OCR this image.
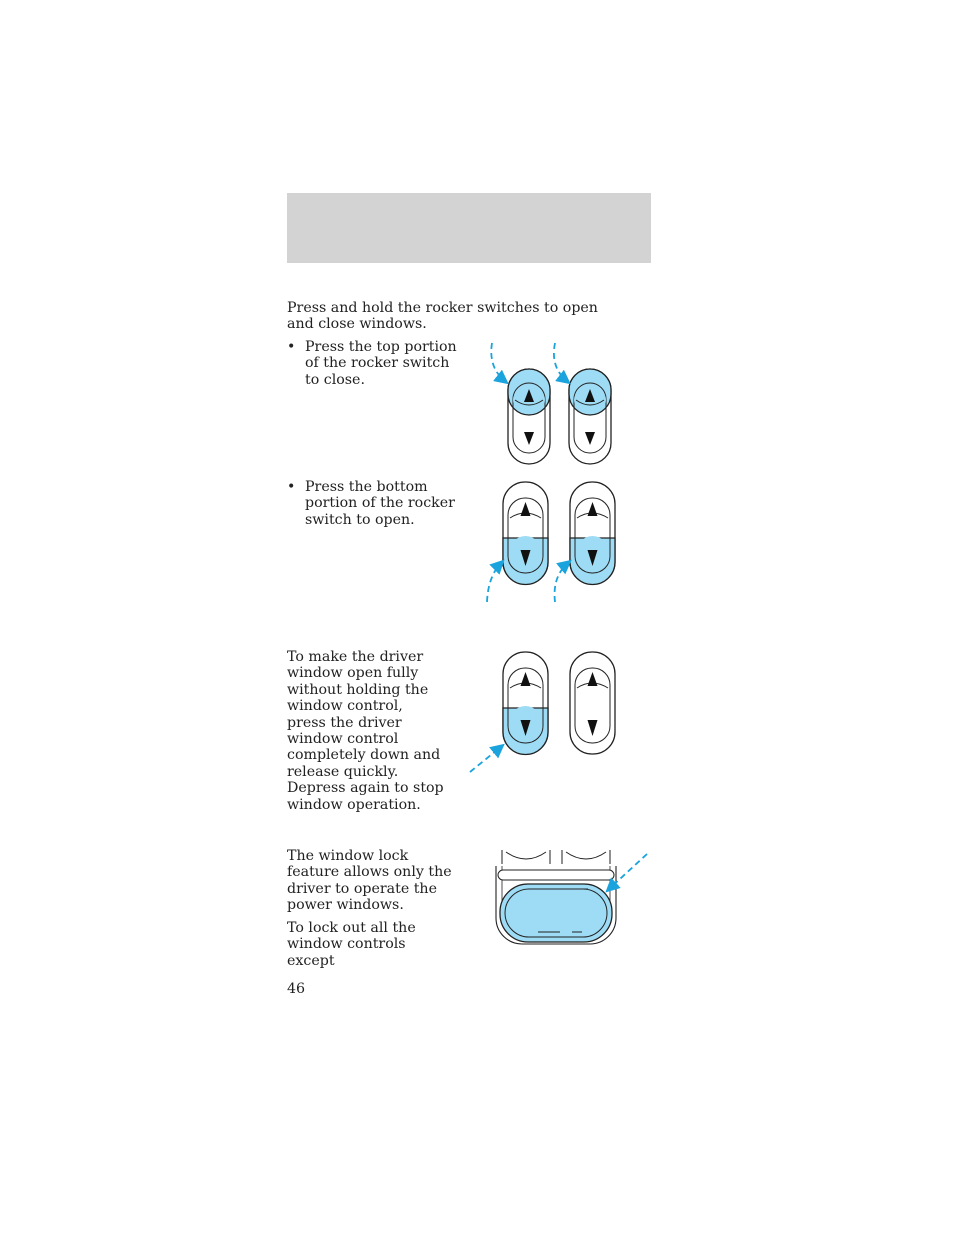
Press and hold the rocker switches to open and close windows.

• Press the top portion of the rocker switch to close.
• Press the bottom portion of the rocker switch to open.

To make the driver window open fully without holding the window control, press the driver window control completely down and release quickly. Depress again to stop window operation.

The window lock feature allows only the driver to operate the power windows.

To lock out all the window controls except

46
